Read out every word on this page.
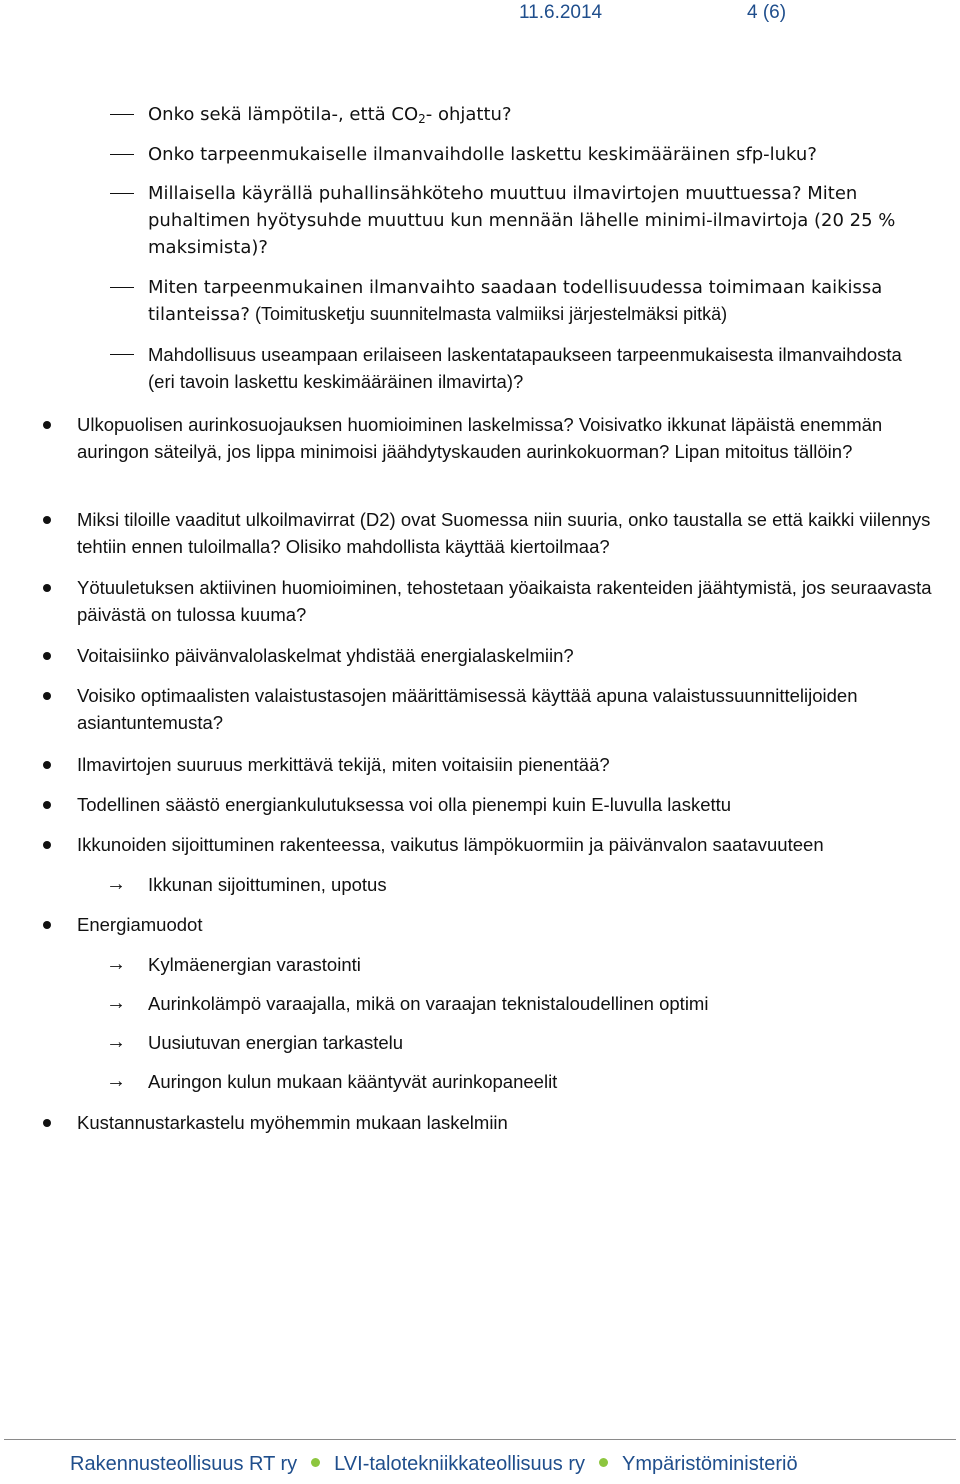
11.6.2014	4 (6)
Onko sekä lämpötila-, että $CO_2-$ ohjattu?
Onko tarpeenmukaiselle ilmanvaihdolle laskettu keskimääräinen sfp-luku?
Millaisella käyrällä puhallinsähköteho muuttuu ilmavirtojen muuttuessa? Miten puhaltimen hyötysuhde muuttuu kun mennään lähelle minimi-ilmavirtoja (20 25 % maksimista)?
Miten tarpeenmukainen ilmanvaihto saadaan todellisuudessa toimimaan kaikissa tilanteissa? (Toimitusketju suunnitelmasta valmiiksi järjestelmäksi pitkä)
Mahdollisuus useampaan erilaiseen laskentatapaukseen tarpeenmukaisesta ilmanvaihdosta (eri tavoin laskettu keskimääräinen ilmavirta)?
Ulkopuolisen aurinkosuojauksen huomioiminen laskelmissa? Voisivatko ikkunat läpäistä enemmän auringon säteilyä, jos lippa minimoisi jäähdytyskauden aurinkokuorman? Lipan mitoitus tällöin?
Miksi tiloille vaaditut ulkoilmavirrat (D2) ovat Suomessa niin suuria, onko taustalla se että kaikki viilennys tehtiin ennen tuloilmalla? Olisiko mahdollista käyttää kiertoilmaa?
Yötuuletuksen aktiivinen huomioiminen, tehostetaan yöaikaista rakenteiden jäähtymistä, jos seuraavasta päivästä on tulossa kuuma?
Voitaisiinko päivänvalolaskelmat yhdistää energialaskelmiin?
Voisiko optimaalisten valaistustasojen määrittämisessä käyttää apuna valaistussuunnittelijoiden asiantuntemusta?
Ilmavirtojen suuruus merkittävä tekijä, miten voitaisiin pienentää?
Todellinen säästö energiankulutuksessa voi olla pienempi kuin E-luvulla laskettu
Ikkunoiden sijoittuminen rakenteessa, vaikutus lämpökuormiin ja päivänvalon saatavuuteen
→ Ikkunan sijoittuminen, upotus
Energiamuodot
→ Kylmäenergian varastointi
→ Aurinkolämpö varaajalla, mikä on varaajan teknistaloudellinen optimi
→ Uusiutuvan energian tarkastelu
→ Auringon kulun mukaan kääntyvät aurinkopaneelit
Kustannustarkastelu myöhemmin mukaan laskelmiin
Rakennusteollisuus RT ry LVI-talotekniikkateollisuus ry Ympäristöministeriö
